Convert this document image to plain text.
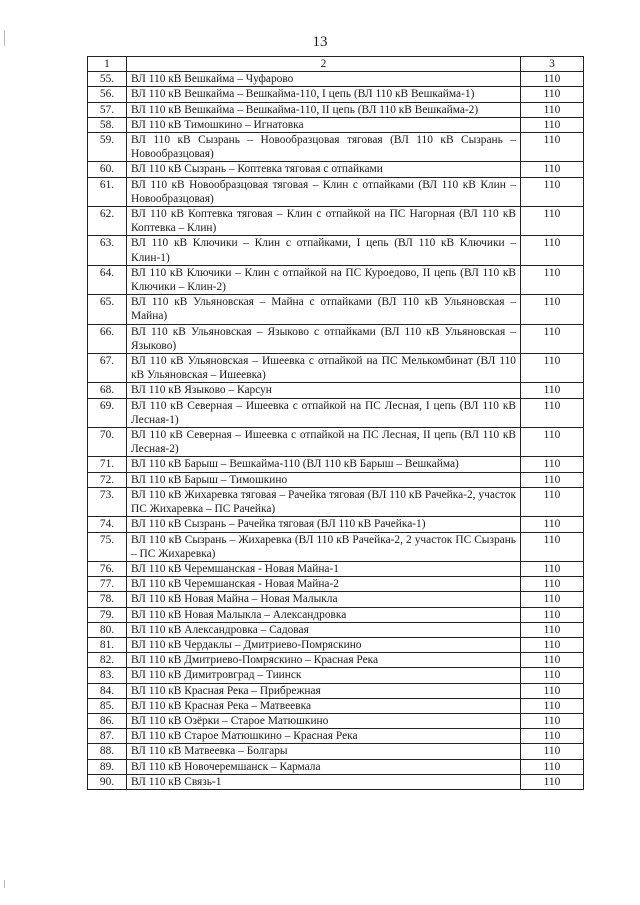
13
1	2	3
55.	ВЛ 110 кВ Вешкайма – Чуфарово	110
56.	ВЛ 110 кВ Вешкайма – Вешкайма-110, I цепь (ВЛ 110 кВ Вешкайма-1)	110
57.	ВЛ 110 кВ Вешкайма – Вешкайма-110, II цепь (ВЛ 110 кВ Вешкайма-2)	110
58.	ВЛ 110 кВ Тимошкино – Игнатовка	110
59.	ВЛ 110 кВ Сызрань – Новообразцовая тяговая (ВЛ 110 кВ Сызрань – Новообразцовая)	110
60.	ВЛ 110 кВ Сызрань – Коптевка тяговая с отпайками	110
61.	ВЛ 110 кВ Новообразцовая тяговая – Клин с отпайками (ВЛ 110 кВ Клин – Новообразцовая)	110
62.	ВЛ 110 кВ Коптевка тяговая – Клин с отпайкой на ПС Нагорная (ВЛ 110 кВ Коптевка – Клин)	110
63.	ВЛ 110 кВ Ключики – Клин с отпайками, I цепь (ВЛ 110 кВ Ключики – Клин-1)	110
64.	ВЛ 110 кВ Ключики – Клин с отпайкой на ПС Куроедово, II цепь (ВЛ 110 кВ Ключики – Клин-2)	110
65.	ВЛ 110 кВ Ульяновская – Майна с отпайками (ВЛ 110 кВ Ульяновская – Майна)	110
66.	ВЛ 110 кВ Ульяновская – Языково с отпайками (ВЛ 110 кВ Ульяновская – Языково)	110
67.	ВЛ 110 кВ Ульяновская – Ишеевка с отпайкой на ПС Мелькомбинат (ВЛ 110 кВ Ульяновская – Ишеевка)	110
68.	ВЛ 110 кВ Языково – Карсун	110
69.	ВЛ 110 кВ Северная – Ишеевка с отпайкой на ПС Лесная, I цепь (ВЛ 110 кВ Лесная-1)	110
70.	ВЛ 110 кВ Северная – Ишеевка с отпайкой на ПС Лесная, II цепь (ВЛ 110 кВ Лесная-2)	110
71.	ВЛ 110 кВ Барыш – Вешкайма-110 (ВЛ 110 кВ Барыш – Вешкайма)	110
72.	ВЛ 110 кВ Барыш – Тимошкино	110
73.	ВЛ 110 кВ Жихаревка тяговая – Рачейка тяговая (ВЛ 110 кВ Рачейка-2, участок ПС Жихаревка – ПС Рачейка)	110
74.	ВЛ 110 кВ Сызрань – Рачейка тяговая (ВЛ 110 кВ Рачейка-1)	110
75.	ВЛ 110 кВ Сызрань – Жихаревка (ВЛ 110 кВ Рачейка-2, 2 участок ПС Сызрань – ПС Жихаревка)	110
76.	ВЛ 110 кВ Черемшанская - Новая Майна-1	110
77.	ВЛ 110 кВ Черемшанская - Новая Майна-2	110
78.	ВЛ 110 кВ Новая Майна – Новая Малыкла	110
79.	ВЛ 110 кВ Новая Малыкла – Александровка	110
80.	ВЛ 110 кВ Александровка – Садовая	110
81.	ВЛ 110 кВ Чердаклы – Дмитриево-Помряскино	110
82.	ВЛ 110 кВ Дмитриево-Помряскино – Красная Река	110
83.	ВЛ 110 кВ Димитровград – Тиинск	110
84.	ВЛ 110 кВ Красная Река – Прибрежная	110
85.	ВЛ 110 кВ Красная Река – Матвеевка	110
86.	ВЛ 110 кВ Озёрки – Старое Матюшкино	110
87.	ВЛ 110 кВ Старое Матюшкино – Красная Река	110
88.	ВЛ 110 кВ Матвеевка – Болгары	110
89.	ВЛ 110 кВ Новочеремшанск – Кармала	110
90.	ВЛ 110 кВ Связь-1	110
